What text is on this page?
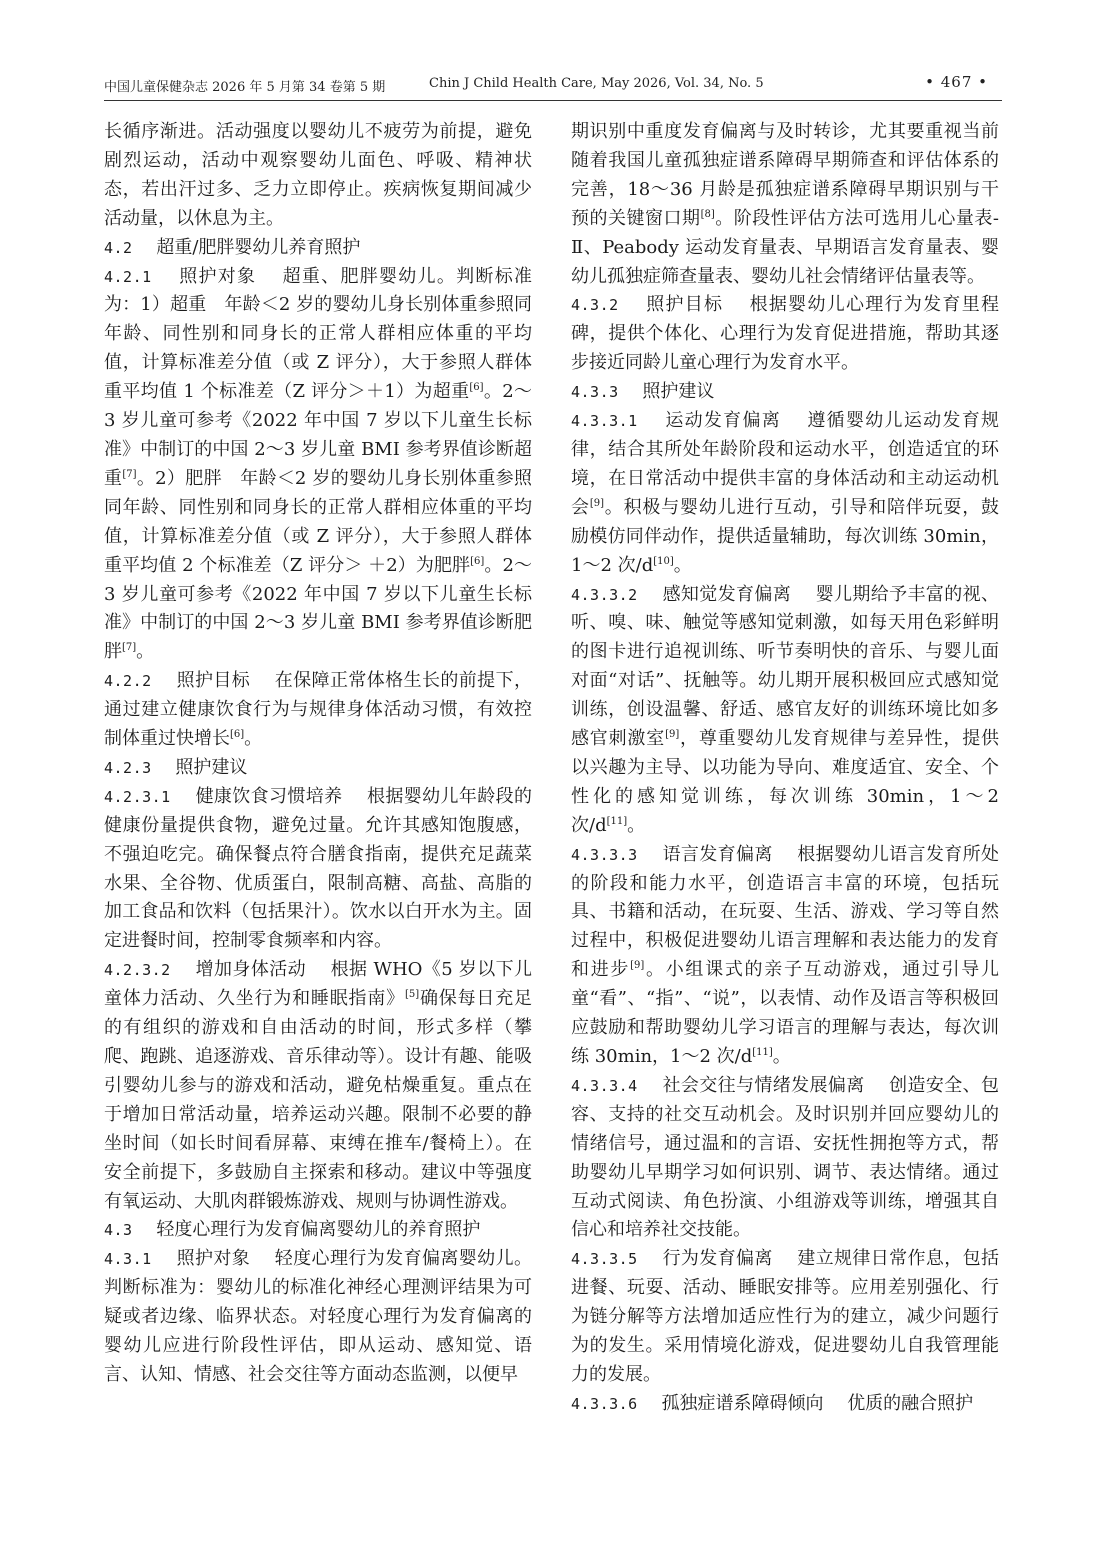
中国儿童保健杂志 2026 年 5 月第 34 卷第 5 期	Chin J Child Health Care, May 2026, Vol. 34, No. 5	• 467 •
长循序渐进。活动强度以婴幼儿不疲劳为前提，避免剧烈运动，活动中观察婴幼儿面色、呼吸、精神状态，若出汗过多、乏力立即停止。疾病恢复期间减少活动量，以休息为主。
4.2　 超重/肥胖婴幼儿养育照护
4.2.1　 照护对象　 超重、肥胖婴幼儿。判断标准为：1）超重　年龄＜2 岁的婴幼儿身长别体重参照同年龄、同性别和同身长的正常人群相应体重的平均值，计算标准差分值（或 Z 评分），大于参照人群体重平均值 1 个标准差（Z 评分＞＋1）为超重[6]。2～3 岁儿童可参考《2022 年中国 7 岁以下儿童生长标准》中制订的中国 2～3 岁儿童 BMI 参考界值诊断超重[7]。2）肥胖　年龄＜2 岁的婴幼儿身长别体重参照同年龄、同性别和同身长的正常人群相应体重的平均值，计算标准差分值（或 Z 评分），大于参照人群体重平均值 2 个标准差（Z 评分＞ ＋2）为肥胖[6]。2～3 岁儿童可参考《2022 年中国 7 岁以下儿童生长标准》中制订的中国 2～3 岁儿童 BMI 参考界值诊断肥胖[7]。
4.2.2　 照护目标　 在保障正常体格生长的前提下，通过建立健康饮食行为与规律身体活动习惯，有效控制体重过快增长[6]。
4.2.3　 照护建议
4.2.3.1　 健康饮食习惯培养　 根据婴幼儿年龄段的健康份量提供食物，避免过量。允许其感知饱腹感，不强迫吃完。确保餐点符合膳食指南，提供充足蔬菜水果、全谷物、优质蛋白，限制高糖、高盐、高脂的加工食品和饮料（包括果汁）。饮水以白开水为主。固定进餐时间，控制零食频率和内容。
4.2.3.2　 增加身体活动　 根据 WHO《5 岁以下儿童体力活动、久坐行为和睡眠指南》[5]确保每日充足的有组织的游戏和自由活动的时间，形式多样（攀爬、跑跳、追逐游戏、音乐律动等）。设计有趣、能吸引婴幼儿参与的游戏和活动，避免枯燥重复。重点在于增加日常活动量，培养运动兴趣。限制不必要的静坐时间（如长时间看屏幕、束缚在推车/餐椅上）。在安全前提下，多鼓励自主探索和移动。建议中等强度有氧运动、大肌肉群锻炼游戏、规则与协调性游戏。
4.3　 轻度心理行为发育偏离婴幼儿的养育照护
4.3.1　 照护对象　 轻度心理行为发育偏离婴幼儿。判断标准为：婴幼儿的标准化神经心理测评结果为可疑或者边缘、临界状态。对轻度心理行为发育偏离的婴幼儿应进行阶段性评估，即从运动、感知觉、语言、认知、情感、社会交往等方面动态监测，以便早
期识别中重度发育偏离与及时转诊，尤其要重视当前随着我国儿童孤独症谱系障碍早期筛查和评估体系的完善，18～36 月龄是孤独症谱系障碍早期识别与干预的关键窗口期[8]。阶段性评估方法可选用儿心量表-Ⅱ、Peabody 运动发育量表、早期语言发育量表、婴幼儿孤独症筛查量表、婴幼儿社会情绪评估量表等。
4.3.2　 照护目标　 根据婴幼儿心理行为发育里程碑，提供个体化、心理行为发育促进措施，帮助其逐步接近同龄儿童心理行为发育水平。
4.3.3　 照护建议
4.3.3.1　 运动发育偏离　 遵循婴幼儿运动发育规律，结合其所处年龄阶段和运动水平，创造适宜的环境，在日常活动中提供丰富的身体活动和主动运动机会[9]。积极与婴幼儿进行互动，引导和陪伴玩耍，鼓励模仿同伴动作，提供适量辅助，每次训练 30min，1～2 次/d[10]。
4.3.3.2　 感知觉发育偏离　 婴儿期给予丰富的视、听、嗅、味、触觉等感知觉刺激，如每天用色彩鲜明的图卡进行追视训练、听节奏明快的音乐、与婴儿面对面“对话”、抚触等。幼儿期开展积极回应式感知觉训练，创设温馨、舒适、感官友好的训练环境比如多感官刺激室[9]，尊重婴幼儿发育规律与差异性，提供以兴趣为主导、以功能为导向、难度适宜、安全、个性化的感知觉训练，每次训练 30min，1～2 次/d[11]。
4.3.3.3　 语言发育偏离　 根据婴幼儿语言发育所处的阶段和能力水平，创造语言丰富的环境，包括玩具、书籍和活动，在玩耍、生活、游戏、学习等自然过程中，积极促进婴幼儿语言理解和表达能力的发育和进步[9]。小组课式的亲子互动游戏，通过引导儿童“看”、“指”、“说”，以表情、动作及语言等积极回应鼓励和帮助婴幼儿学习语言的理解与表达，每次训练 30min，1～2 次/d[11]。
4.3.3.4　 社会交往与情绪发展偏离　 创造安全、包容、支持的社交互动机会。及时识别并回应婴幼儿的情绪信号，通过温和的言语、安抚性拥抱等方式，帮助婴幼儿早期学习如何识别、调节、表达情绪。通过互动式阅读、角色扮演、小组游戏等训练，增强其自信心和培养社交技能。
4.3.3.5　 行为发育偏离　 建立规律日常作息，包括进餐、玩耍、活动、睡眠安排等。应用差别强化、行为链分解等方法增加适应性行为的建立，减少问题行为的发生。采用情境化游戏，促进婴幼儿自我管理能力的发展。
4.3.3.6　 孤独症谱系障碍倾向　 优质的融合照护
